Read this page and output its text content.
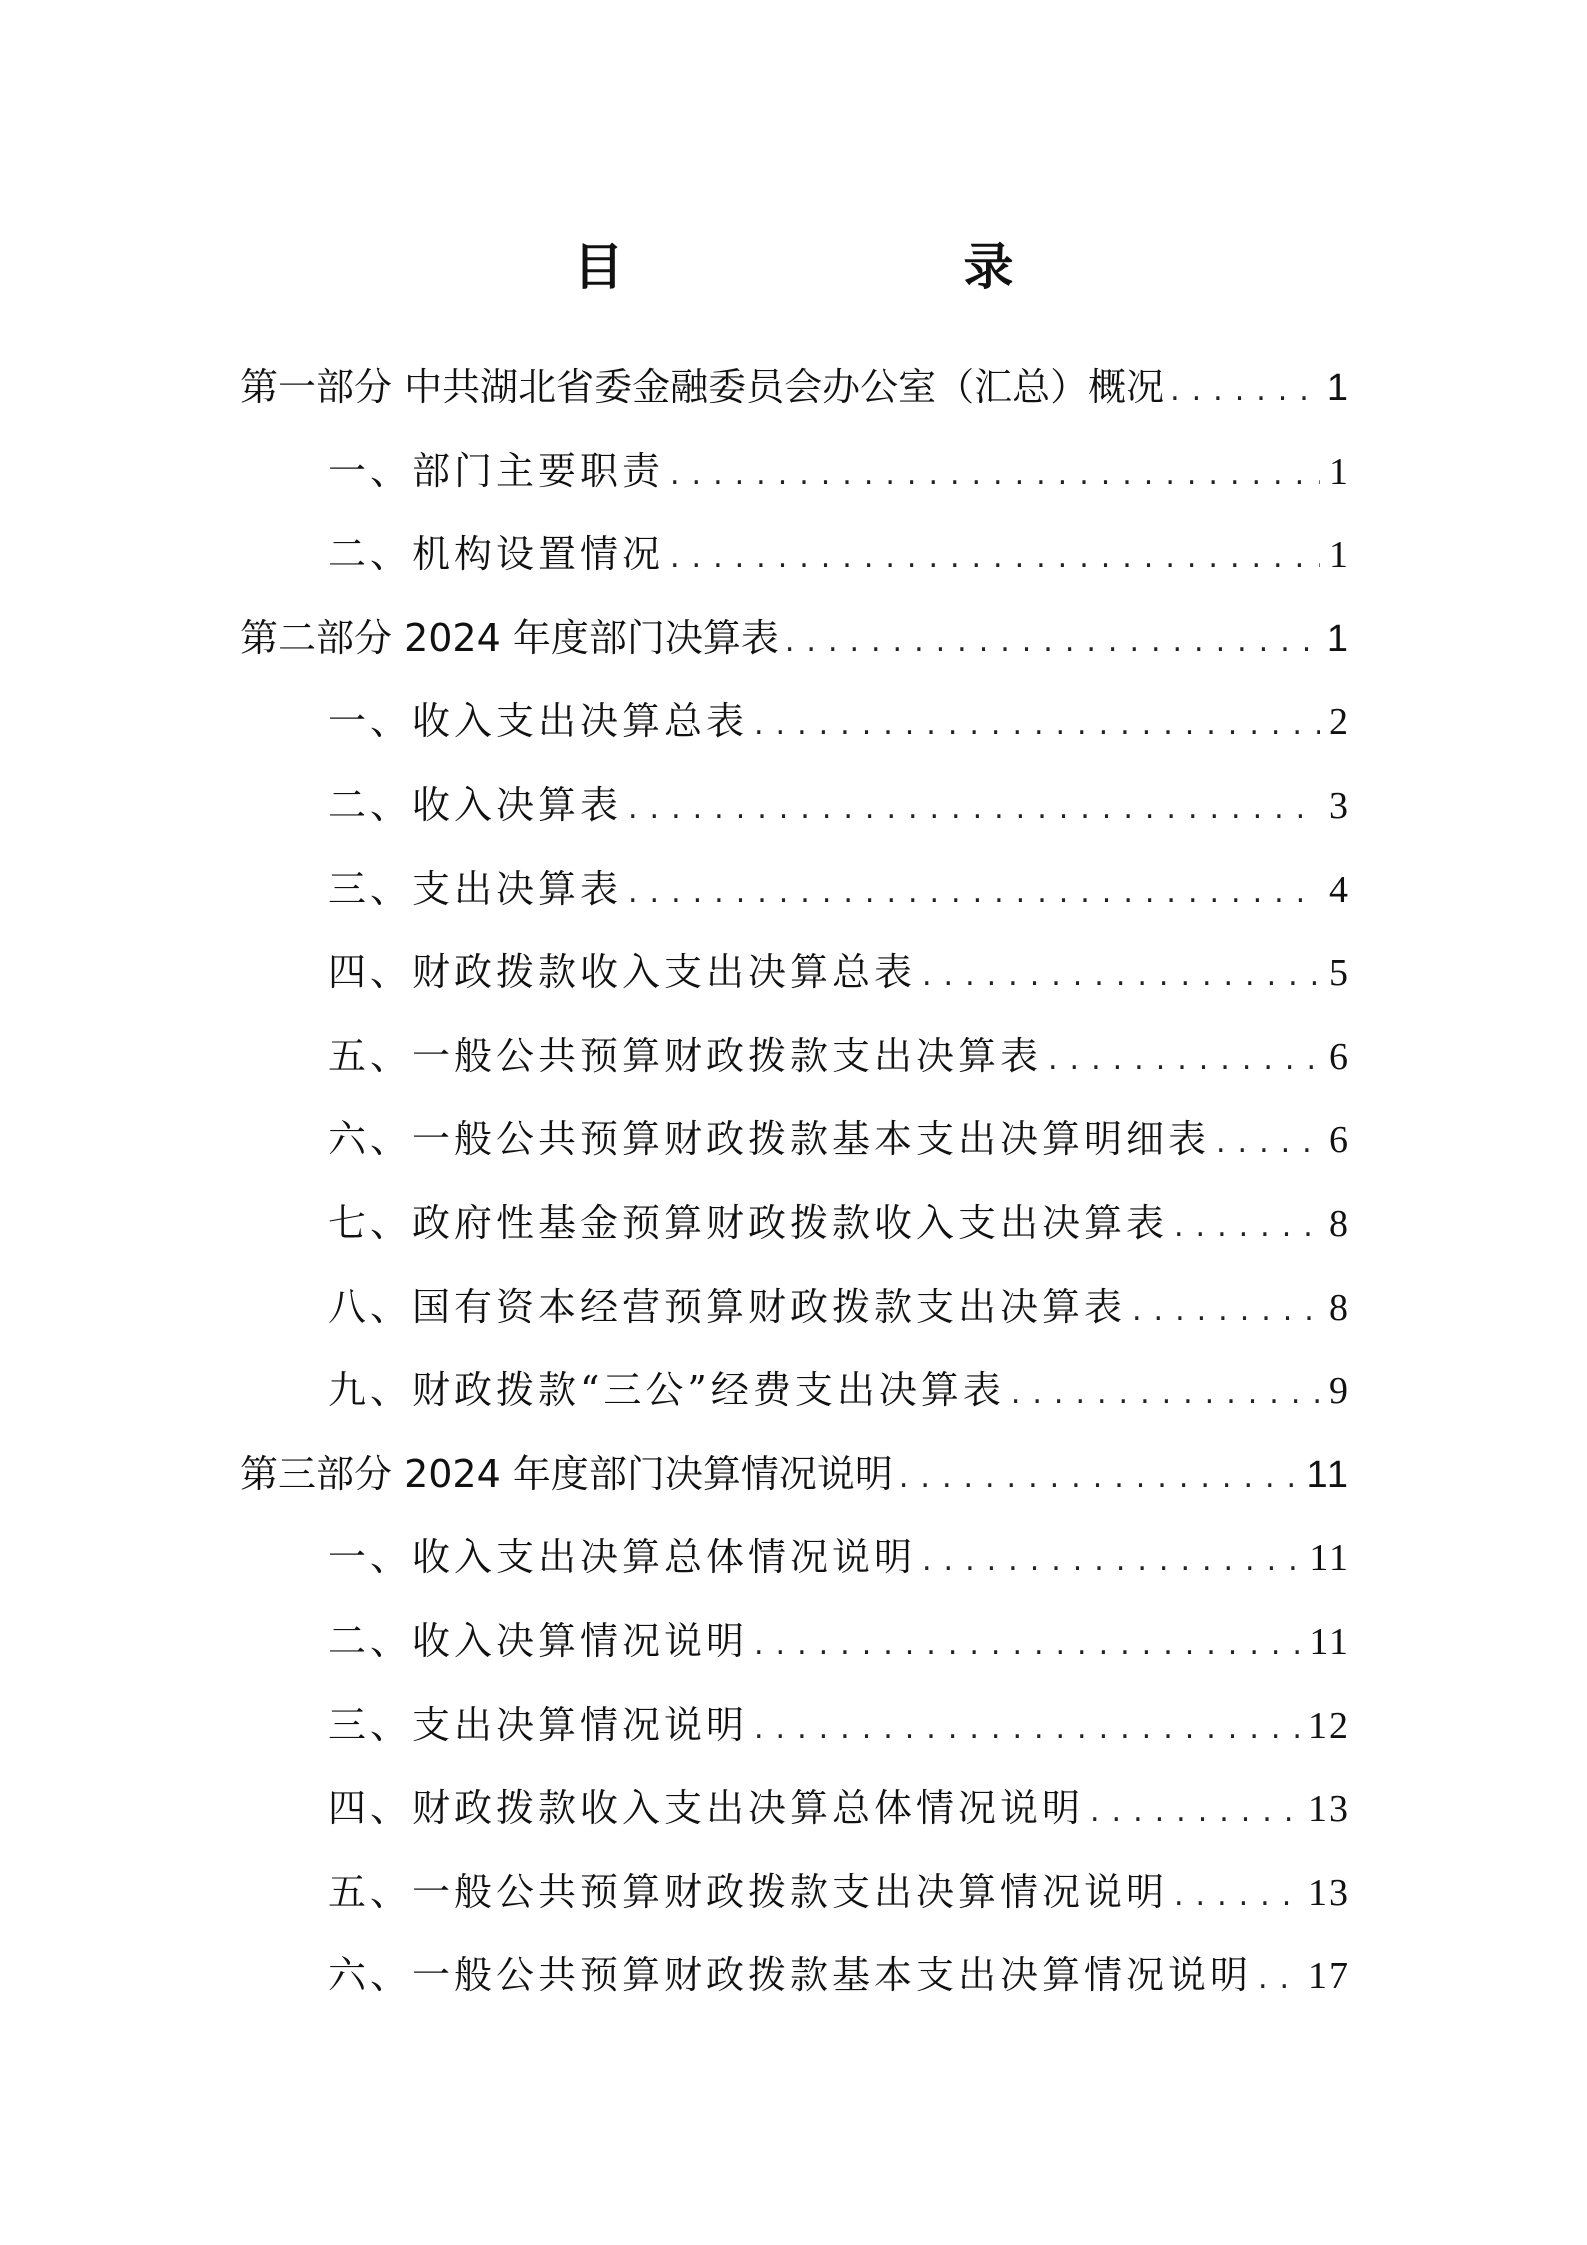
目　　录
第一部分 中共湖北省委金融委员会办公室（汇总）概况 .....	1
一、部门主要职责 .....	1
二、机构设置情况 .....	1
第二部分 2024 年度部门决算表 .....	1
一、收入支出决算总表 .....	2
二、收入决算表 .....	3
三、支出决算表 .....	4
四、财政拨款收入支出决算总表 .....	5
五、一般公共预算财政拨款支出决算表 .....	6
六、一般公共预算财政拨款基本支出决算明细表 .....	6
七、政府性基金预算财政拨款收入支出决算表 .....	8
八、国有资本经营预算财政拨款支出决算表 .....	8
九、财政拨款“三公”经费支出决算表 .....	9
第三部分 2024 年度部门决算情况说明 .....	11
一、收入支出决算总体情况说明 .....	11
二、收入决算情况说明 .....	11
三、支出决算情况说明 .....	12
四、财政拨款收入支出决算总体情况说明 .....	13
五、一般公共预算财政拨款支出决算情况说明 .....	13
六、一般公共预算财政拨款基本支出决算情况说明 ..... 17
